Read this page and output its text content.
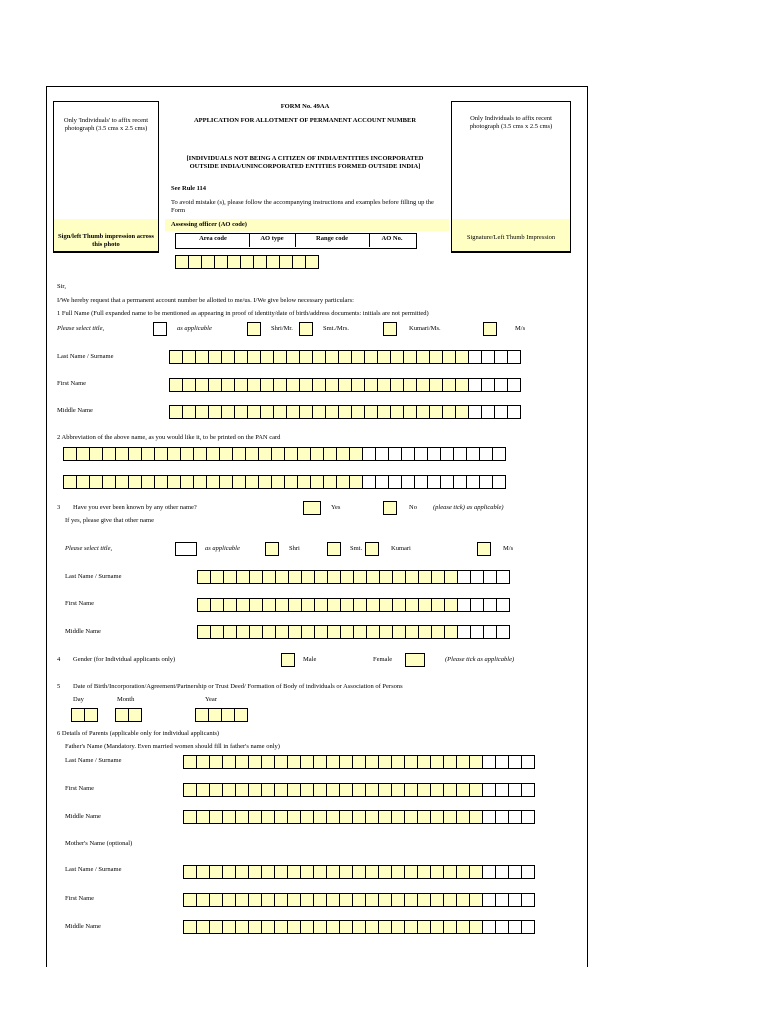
Only 'Individuals' to affix recent photograph (3.5 cms x 2.5 cms)
Sign/left Thumb impression across this photo
Only Individuals to affix recent photograph (3.5 cms x 2.5 cms)
Signature/Left Thumb Impression
FORM No. 49AA
APPLICATION FOR ALLOTMENT OF PERMANENT ACCOUNT NUMBER
[INDIVIDUALS NOT BEING A CITIZEN OF INDIA/ENTITIES INCORPORATED OUTSIDE INDIA/UNINCORPORATED ENTITIES FORMED OUTSIDE INDIA]
See Rule 114
To avoid mistake (s), please follow the accompanying instructions and examples before filling up the Form
Assessing officer (AO code)
Area code	AO type	Range code	AO No.
Sir,
I/We hereby request that a permanent account number be allotted to me/us. I/We give below necessary particulars:
1 Full Name (Full expanded name to be mentioned as appearing in proof of identity/date of birth/address documents: initials are not permitted)
Please select title,	as applicable	Shri/Mr.	Smt./Mrs.	Kumari/Ms.	M/s
Last Name / Surname
First Name
Middle Name
2 Abbreviation of the above name, as you would like it, to be printed on the PAN card
3 Have you ever been known by any other name?	Yes	No (please tick) as applicable)
If yes, please give that other name
Please select title,	as applicable	Shri	Smt.	Kumari	M/s
Last Name / Surname
First Name
Middle Name
4 Gender (for Individual applicants only)	Male	Female	(Please tick as applicable)
5 Date of Birth/Incorporation/Agreement/Partnership or Trust Deed/ Formation of Body of individuals or Association of Persons
Day	Month	Year
6 Details of Parents (applicable only for individual applicants)
Father's Name (Mandatory. Even married women should fill in father's name only)
Last Name / Surname
First Name
Middle Name
Mother's Name (optional)
Last Name / Surname
First Name
Middle Name
